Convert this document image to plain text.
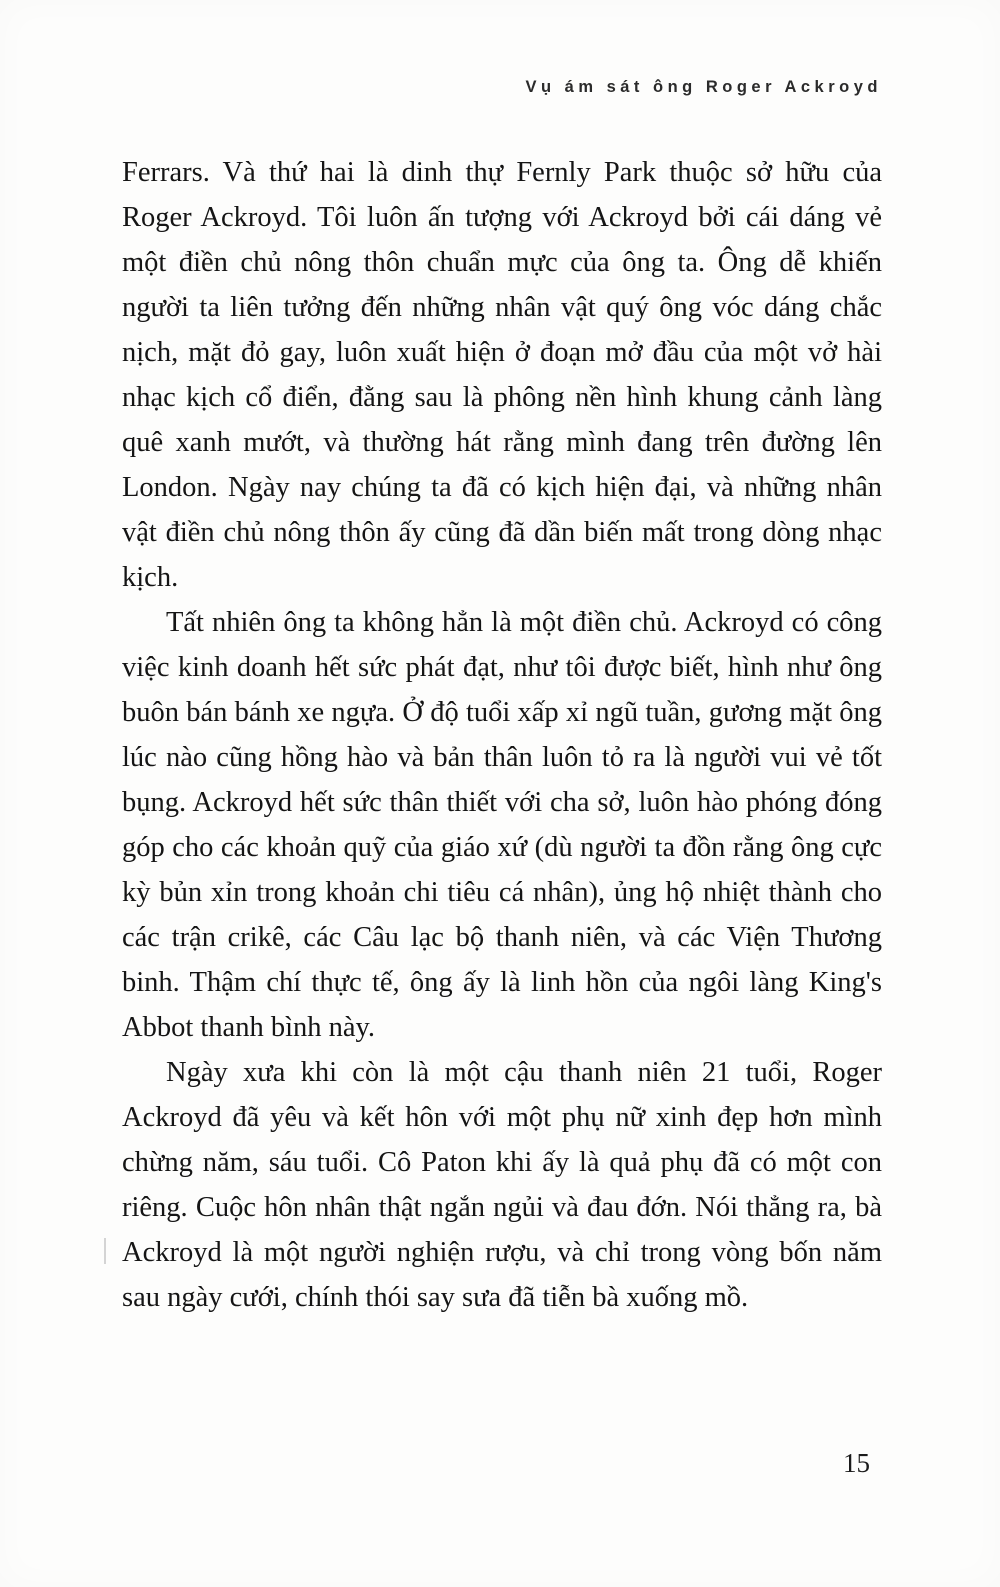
Vụ ám sát ông Roger Ackroyd

Ferrars. Và thứ hai là dinh thự Fernly Park thuộc sở hữu của Roger Ackroyd. Tôi luôn ấn tượng với Ackroyd bởi cái dáng vẻ một điền chủ nông thôn chuẩn mực của ông ta. Ông dễ khiến người ta liên tưởng đến những nhân vật quý ông vóc dáng chắc nịch, mặt đỏ gay, luôn xuất hiện ở đoạn mở đầu của một vở hài nhạc kịch cổ điển, đằng sau là phông nền hình khung cảnh làng quê xanh mướt, và thường hát rằng mình đang trên đường lên London. Ngày nay chúng ta đã có kịch hiện đại, và những nhân vật điền chủ nông thôn ấy cũng đã dần biến mất trong dòng nhạc kịch.

Tất nhiên ông ta không hẳn là một điền chủ. Ackroyd có công việc kinh doanh hết sức phát đạt, như tôi được biết, hình như ông buôn bán bánh xe ngựa. Ở độ tuổi xấp xỉ ngũ tuần, gương mặt ông lúc nào cũng hồng hào và bản thân luôn tỏ ra là người vui vẻ tốt bụng. Ackroyd hết sức thân thiết với cha sở, luôn hào phóng đóng góp cho các khoản quỹ của giáo xứ (dù người ta đồn rằng ông cực kỳ bủn xỉn trong khoản chi tiêu cá nhân), ủng hộ nhiệt thành cho các trận crikê, các Câu lạc bộ thanh niên, và các Viện Thương binh. Thậm chí thực tế, ông ấy là linh hồn của ngôi làng King's Abbot thanh bình này.

Ngày xưa khi còn là một cậu thanh niên 21 tuổi, Roger Ackroyd đã yêu và kết hôn với một phụ nữ xinh đẹp hơn mình chừng năm, sáu tuổi. Cô Paton khi ấy là quả phụ đã có một con riêng. Cuộc hôn nhân thật ngắn ngủi và đau đớn. Nói thẳng ra, bà Ackroyd là một người nghiện rượu, và chỉ trong vòng bốn năm sau ngày cưới, chính thói say sưa đã tiễn bà xuống mồ.

15
